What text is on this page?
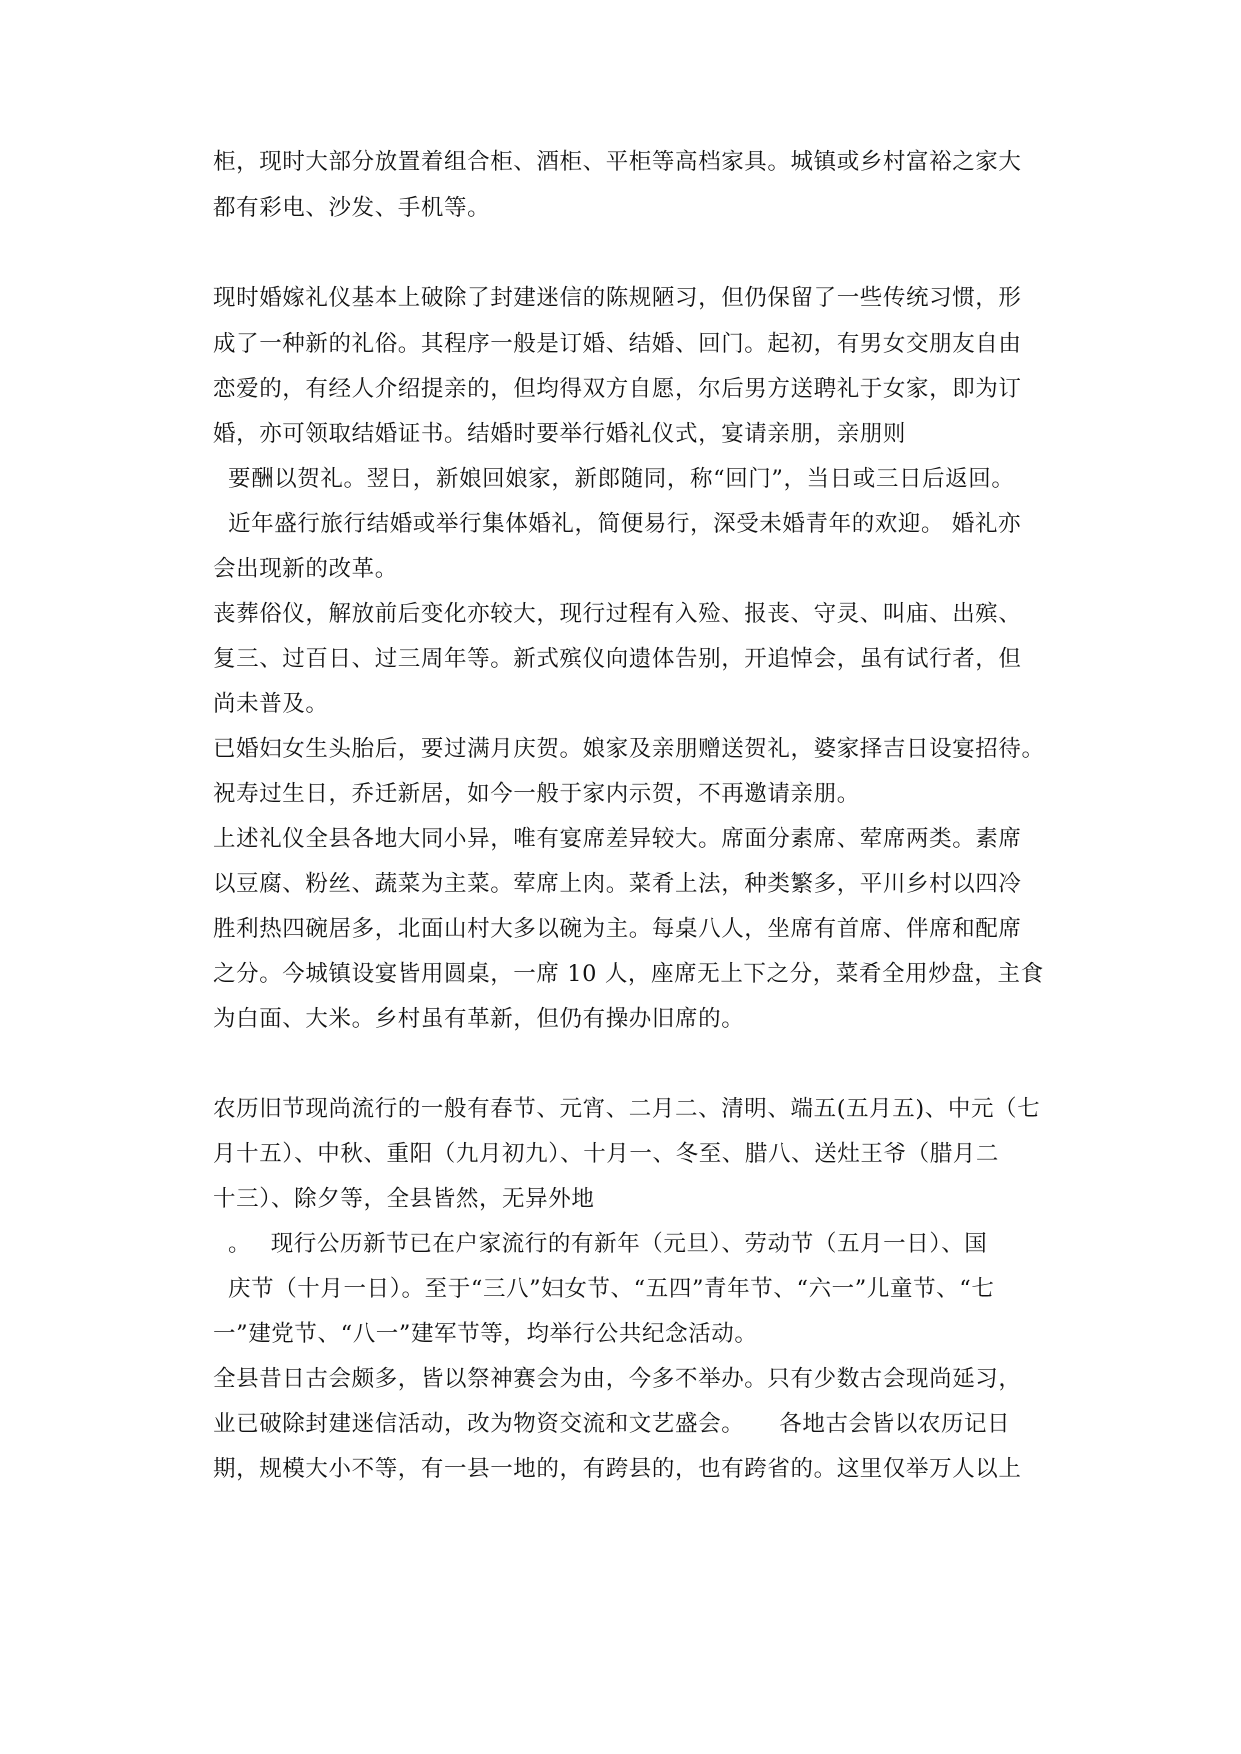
柜，现时大部分放置着组合柜、酒柜、平柜等高档家具。城镇或乡村富裕之家大
都有彩电、沙发、手机等。
现时婚嫁礼仪基本上破除了封建迷信的陈规陋习，但仍保留了一些传统习惯，形
成了一种新的礼俗。其程序一般是订婚、结婚、回门。起初，有男女交朋友自由
恋爱的，有经人介绍提亲的，但均得双方自愿，尔后男方送聘礼于女家，即为订
婚，亦可领取结婚证书。结婚时要举行婚礼仪式，宴请亲朋，亲朋则
要酬以贺礼。翌日，新娘回娘家，新郎随同，称“回门”，当日或三日后返回。
近年盛行旅行结婚或举行集体婚礼，简便易行，深受未婚青年的欢迎。 婚礼亦
会出现新的改革。
丧葬俗仪，解放前后变化亦较大，现行过程有入殓、报丧、守灵、叫庙、出殡、
复三、过百日、过三周年等。新式殡仪向遗体告别，开追悼会，虽有试行者，但
尚未普及。
已婚妇女生头胎后，要过满月庆贺。娘家及亲朋赠送贺礼，婆家择吉日设宴招待。
祝寿过生日，乔迁新居，如今一般于家内示贺，不再邀请亲朋。
上述礼仪全县各地大同小异，唯有宴席差异较大。席面分素席、荤席两类。素席
以豆腐、粉丝、蔬菜为主菜。荤席上肉。菜肴上法，种类繁多，平川乡村以四冷
胜利热四碗居多，北面山村大多以碗为主。每桌八人，坐席有首席、伴席和配席
之分。今城镇设宴皆用圆桌，一席 10 人，座席无上下之分，菜肴全用炒盘，主食
为白面、大米。乡村虽有革新，但仍有操办旧席的。
农历旧节现尚流行的一般有春节、元宵、二月二、清明、端五(五月五)、中元（七
月十五）、中秋、重阳（九月初九）、十月一、冬至、腊八、送灶王爷（腊月二
十三）、除夕等，全县皆然，无异外地
。　 现行公历新节已在户家流行的有新年（元旦）、劳动节（五月一日）、国
庆节（十月一日）。至于“三八”妇女节、“五四”青年节、“六一”儿童节、“七
一”建党节、“八一”建军节等，均举行公共纪念活动。
全县昔日古会颇多，皆以祭神赛会为由，今多不举办。只有少数古会现尚延习，
业已破除封建迷信活动，改为物资交流和文艺盛会。　　各地古会皆以农历记日
期，规模大小不等，有一县一地的，有跨县的，也有跨省的。这里仅举万人以上
